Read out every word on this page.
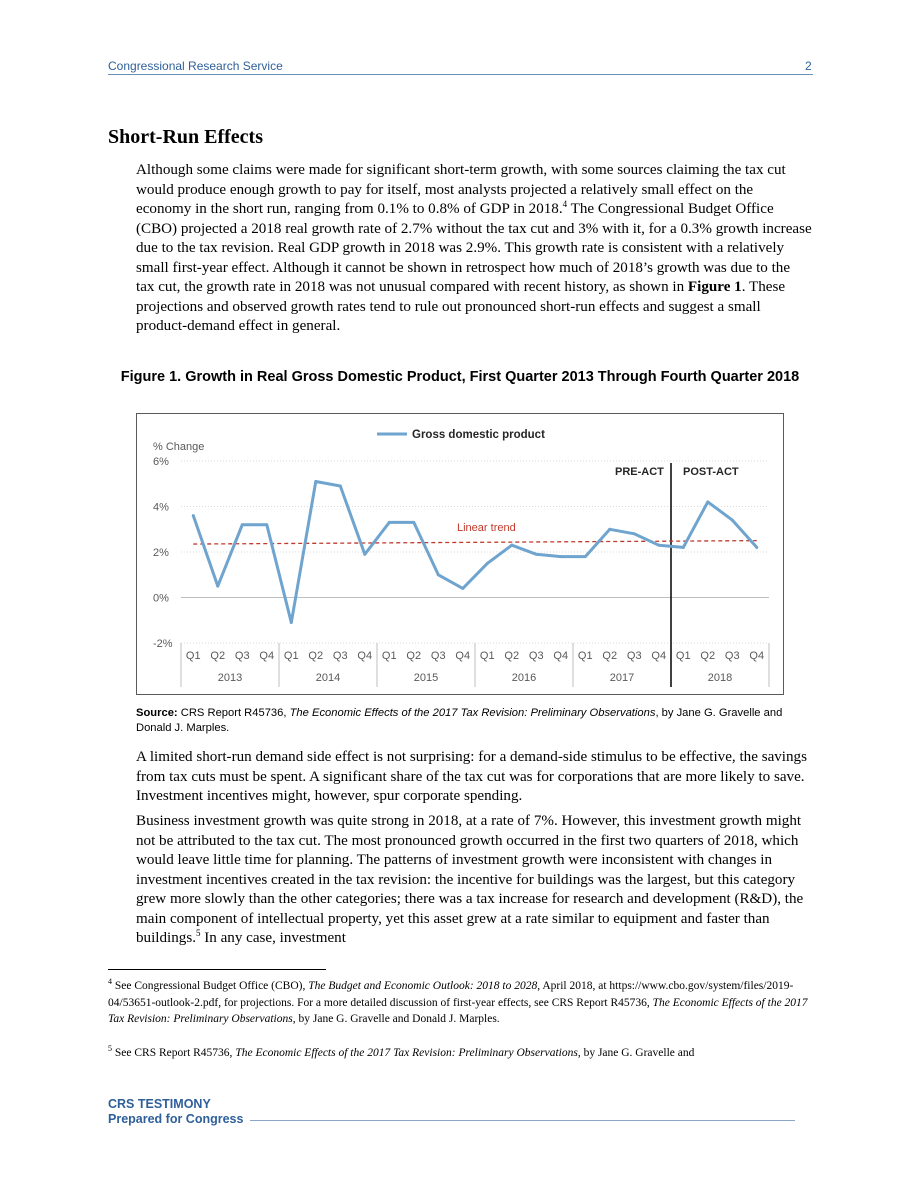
Congressional Research Service	2
Short-Run Effects

Although some claims were made for significant short-term growth, with some sources claiming the tax cut would produce enough growth to pay for itself, most analysts projected a relatively small effect on the economy in the short run, ranging from 0.1% to 0.8% of GDP in 2018.$^4$ The Congressional Budget Office (CBO) projected a 2018 real growth rate of 2.7% without the tax cut and 3% with it, for a 0.3% growth increase due to the tax revision. Real GDP growth in 2018 was 2.9%. This growth rate is consistent with a relatively small first-year effect. Although it cannot be shown in retrospect how much of 2018’s growth was due to the tax cut, the growth rate in 2018 was not unusual compared with recent history, as shown in Figure 1. These projections and observed growth rates tend to rule out pronounced short-run effects and suggest a small product-demand effect in general.

Figure 1. Growth in Real Gross Domestic Product, First Quarter 2013 Through Fourth Quarter 2018

6%
4%
2%
0%
-2%
Q1 Q2 Q3 Q4
2013
Q1 Q2 Q3 Q4
2014
Q1 Q2 Q3 Q4
2015
Q1 Q2 Q3 Q4
2016
Q1 Q2 Q3 Q4
2017
Q1 Q2 Q3 Q4
2018
% Change
Gross domestic product
Linear trend
PRE-ACT POST-ACT

Source: CRS Report R45736, The Economic Effects of the 2017 Tax Revision: Preliminary Observations, by Jane G. Gravelle and Donald J. Marples.

A limited short-run demand side effect is not surprising: for a demand-side stimulus to be effective, the savings from tax cuts must be spent. A significant share of the tax cut was for corporations that are more likely to save. Investment incentives might, however, spur corporate spending.

Business investment growth was quite strong in 2018, at a rate of 7%. However, this investment growth might not be attributed to the tax cut. The most pronounced growth occurred in the first two quarters of 2018, which would leave little time for planning. The patterns of investment growth were inconsistent with changes in investment incentives created in the tax revision: the incentive for buildings was the largest, but this category grew more slowly than the other categories; there was a tax increase for research and development (R&D), the main component of intellectual property, yet this asset grew at a rate similar to equipment and faster than buildings.$^5$ In any case, investment

$^4$ See Congressional Budget Office (CBO), The Budget and Economic Outlook: 2018 to 2028, April 2018, at https://www.cbo.gov/system/files/2019-04/53651-outlook-2.pdf, for projections. For a more detailed discussion of first-year effects, see CRS Report R45736, The Economic Effects of the 2017 Tax Revision: Preliminary Observations, by Jane G. Gravelle and Donald J. Marples.

$^5$ See CRS Report R45736, The Economic Effects of the 2017 Tax Revision: Preliminary Observations, by Jane G. Gravelle and

CRS TESTIMONY
Prepared for Congress
